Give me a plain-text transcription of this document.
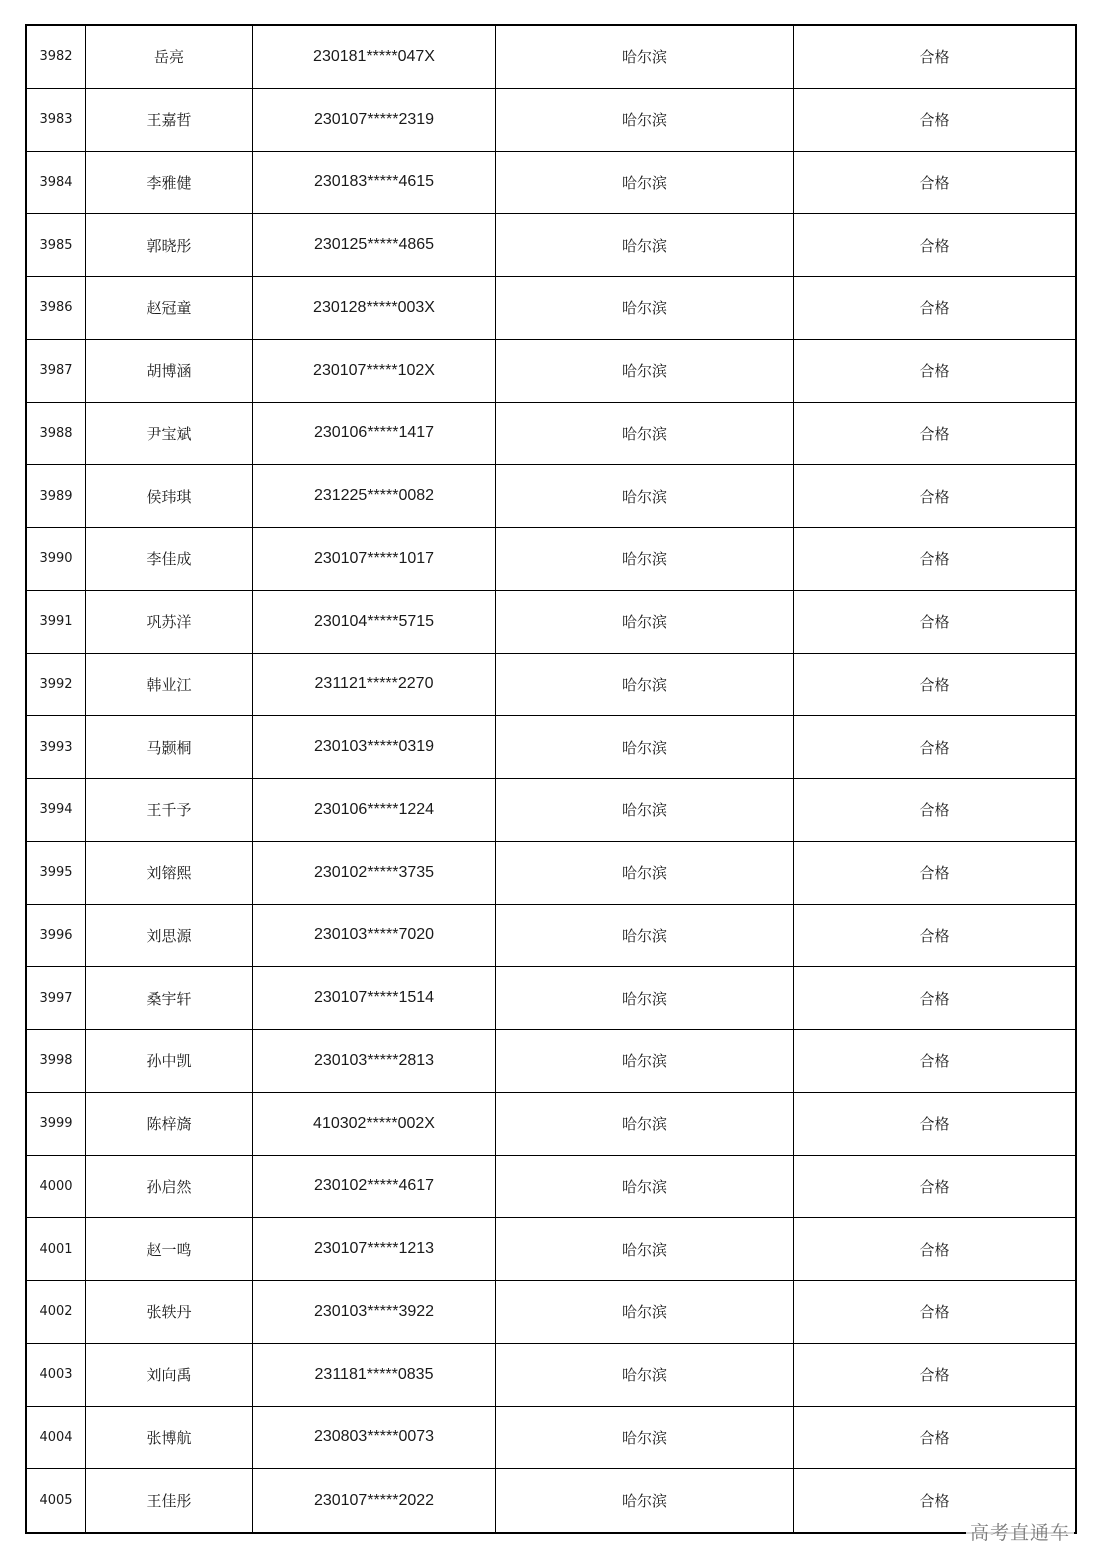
3982	岳亮	230181*****047X	哈尔滨	合格
3983	王嘉哲	230107*****2319	哈尔滨	合格
3984	李雅健	230183*****4615	哈尔滨	合格
3985	郭晓彤	230125*****4865	哈尔滨	合格
3986	赵冠童	230128*****003X	哈尔滨	合格
3987	胡博涵	230107*****102X	哈尔滨	合格
3988	尹宝斌	230106*****1417	哈尔滨	合格
3989	侯玮琪	231225*****0082	哈尔滨	合格
3990	李佳成	230107*****1017	哈尔滨	合格
3991	巩苏洋	230104*****5715	哈尔滨	合格
3992	韩业江	231121*****2270	哈尔滨	合格
3993	马颢桐	230103*****0319	哈尔滨	合格
3994	王千予	230106*****1224	哈尔滨	合格
3995	刘镕熙	230102*****3735	哈尔滨	合格
3996	刘思源	230103*****7020	哈尔滨	合格
3997	桑宇轩	230107*****1514	哈尔滨	合格
3998	孙中凯	230103*****2813	哈尔滨	合格
3999	陈梓旖	410302*****002X	哈尔滨	合格
4000	孙启然	230102*****4617	哈尔滨	合格
4001	赵一鸣	230107*****1213	哈尔滨	合格
4002	张轶丹	230103*****3922	哈尔滨	合格
4003	刘向禹	231181*****0835	哈尔滨	合格
4004	张博航	230803*****0073	哈尔滨	合格
4005	王佳彤	230107*****2022	哈尔滨	合格
高考直通车
